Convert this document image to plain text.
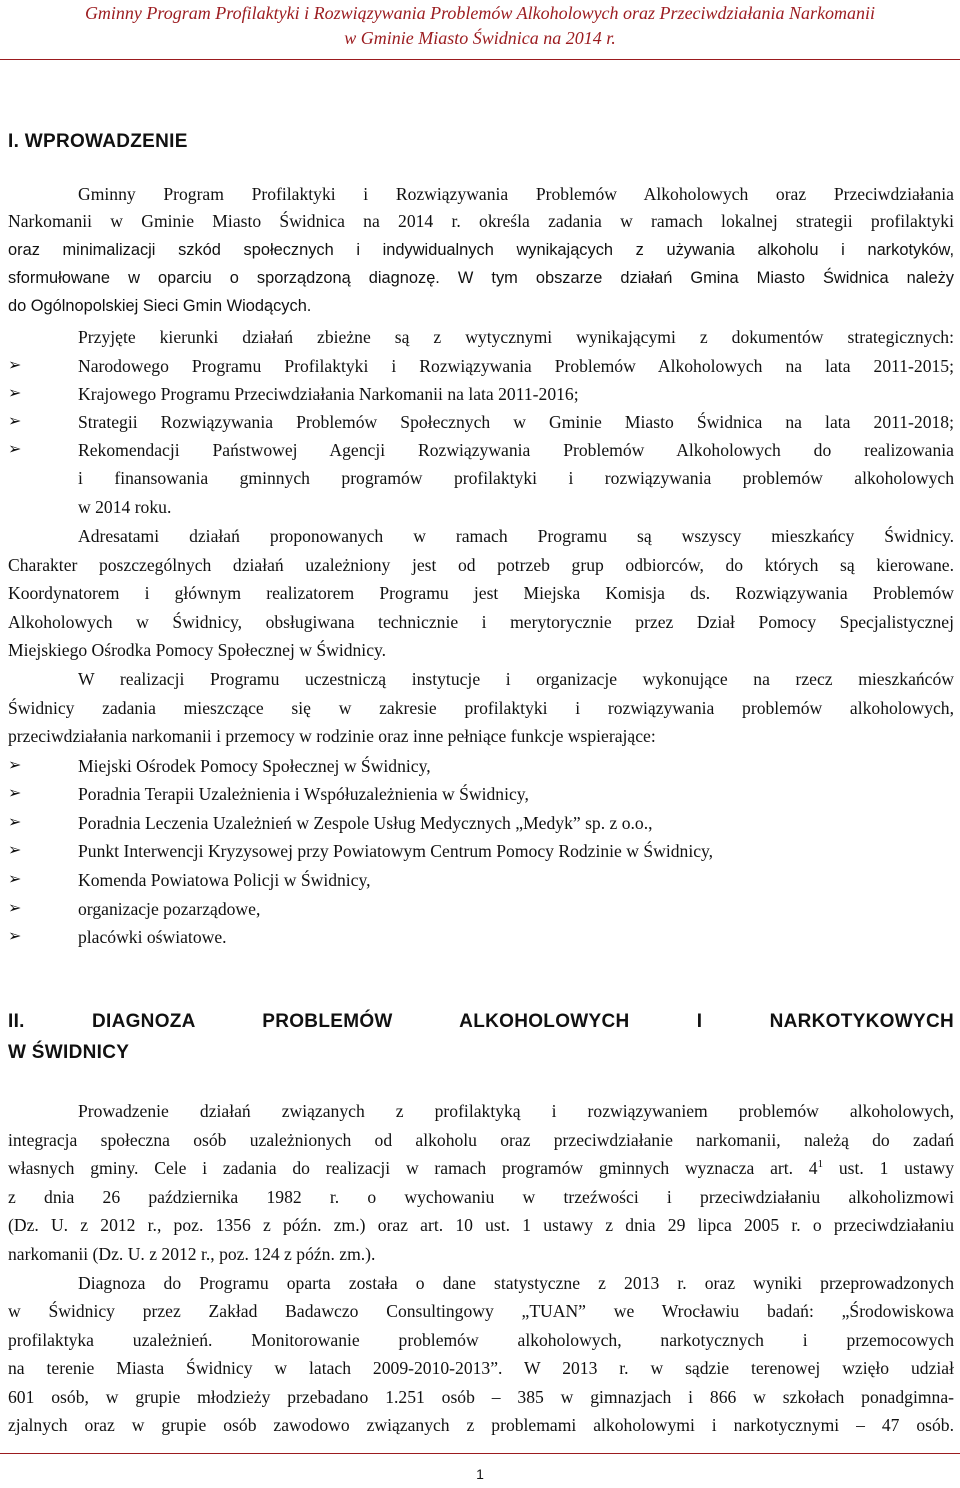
Gminny Program Profilaktyki i Rozwiązywania Problemów Alkoholowych oraz Przeciwdziałania Narkomanii
w Gminie Miasto Świdnica na 2014 r.
I. WPROWADZENIE
Gminny Program Profilaktyki i Rozwiązywania Problemów Alkoholowych oraz Przeciwdziałania
Narkomanii w Gminie Miasto Świdnica na 2014 r. określa zadania w ramach lokalnej strategii profilaktyki
oraz minimalizacji szkód społecznych i indywidualnych wynikających z używania alkoholu i narkotyków,
sformułowane w oparciu o sporządzoną diagnozę. W tym obszarze działań Gmina Miasto Świdnica należy
do Ogólnopolskiej Sieci Gmin Wiodących.
Przyjęte kierunki działań zbieżne są z wytycznymi wynikającymi z dokumentów strategicznych:
➢	Narodowego Programu Profilaktyki i Rozwiązywania Problemów Alkoholowych na lata 2011-2015;
➢	Krajowego Programu Przeciwdziałania Narkomanii na lata 2011-2016;
➢	Strategii Rozwiązywania Problemów Społecznych w Gminie Miasto Świdnica na lata 2011-2018;
➢	Rekomendacji Państwowej Agencji Rozwiązywania Problemów Alkoholowych do realizowania
i finansowania gminnych programów profilaktyki i rozwiązywania problemów alkoholowych
w 2014 roku.
Adresatami działań proponowanych w ramach Programu są wszyscy mieszkańcy Świdnicy.
Charakter poszczególnych działań uzależniony jest od potrzeb grup odbiorców, do których są kierowane.
Koordynatorem i głównym realizatorem Programu jest Miejska Komisja ds. Rozwiązywania Problemów
Alkoholowych w Świdnicy, obsługiwana technicznie i merytorycznie przez Dział Pomocy Specjalistycznej
Miejskiego Ośrodka Pomocy Społecznej w Świdnicy.
W realizacji Programu uczestniczą instytucje i organizacje wykonujące na rzecz mieszkańców
Świdnicy zadania mieszczące się w zakresie profilaktyki i rozwiązywania problemów alkoholowych,
przeciwdziałania narkomanii i przemocy w rodzinie oraz inne pełniące funkcje wspierające:
➢	Miejski Ośrodek Pomocy Społecznej w Świdnicy,
➢	Poradnia Terapii Uzależnienia i Współuzależnienia w Świdnicy,
➢	Poradnia Leczenia Uzależnień w Zespole Usług Medycznych „Medyk” sp. z o.o.,
➢	Punkt Interwencji Kryzysowej przy Powiatowym Centrum Pomocy Rodzinie w Świdnicy,
➢	Komenda Powiatowa Policji w Świdnicy,
➢	organizacje pozarządowe,
➢	placówki oświatowe.
II. DIAGNOZA PROBLEMÓW ALKOHOLOWYCH I NARKOTYKOWYCH
W ŚWIDNICY
Prowadzenie działań związanych z profilaktyką i rozwiązywaniem problemów alkoholowych,
integracja społeczna osób uzależnionych od alkoholu oraz przeciwdziałanie narkomanii, należą do zadań
własnych gminy. Cele i zadania do realizacji w ramach programów gminnych wyznacza art. $4^1$ ust. 1 ustawy
z dnia 26 października 1982 r. o wychowaniu w trzeźwości i przeciwdziałaniu alkoholizmowi
(Dz. U. z 2012 r., poz. 1356 z późn. zm.) oraz art. 10 ust. 1 ustawy z dnia 29 lipca 2005 r. o przeciwdziałaniu
narkomanii (Dz. U. z 2012 r., poz. 124 z późn. zm.).
Diagnoza do Programu oparta została o dane statystyczne z 2013 r. oraz wyniki przeprowadzonych
w Świdnicy przez Zakład Badawczo Consultingowy „TUAN” we Wrocławiu badań: „Środowiskowa
profilaktyka uzależnień. Monitorowanie problemów alkoholowych, narkotycznych i przemocowych
na terenie Miasta Świdnicy w latach 2009-2010-2013”. W 2013 r. w sądzie terenowej wzięło udział
601 osób, w grupie młodzieży przebadano 1.251 osób – 385 w gimnazjach i 866 w szkołach ponadgimna-
zjalnych oraz w grupie osób zawodowo związanych z problemami alkoholowymi i narkotycznymi – 47 osób.
1
